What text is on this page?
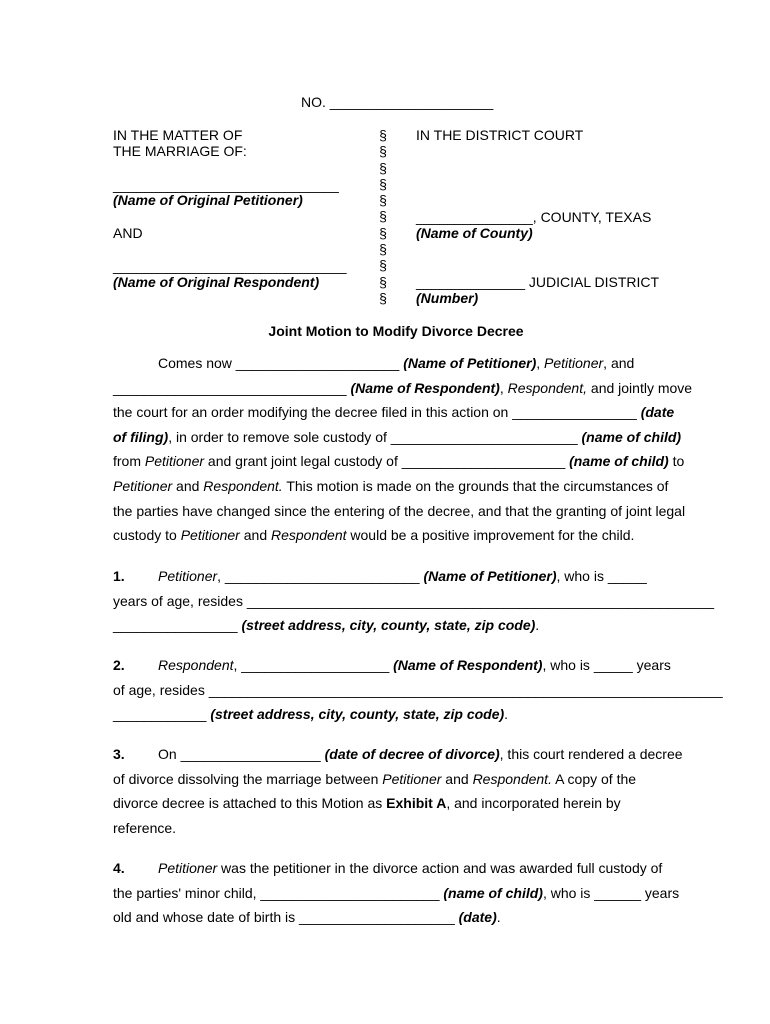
NO. _____________________
IN THE MATTER OF
THE MARRIAGE OF:
_____________________________
(Name of Original Petitioner)
AND
______________________________
(Name of Original Respondent)
§
§
§
§
§
§
§
§
§
§
§
IN THE DISTRICT COURT
_______________, COUNTY, TEXAS
(Name of County)
______________ JUDICIAL DISTRICT
(Number)
Joint Motion to Modify Divorce Decree
Comes now _____________________ (Name of Petitioner), Petitioner, and
______________________________ (Name of Respondent), Respondent, and jointly move
the court for an order modifying the decree filed in this action on ________________ (date
of filing), in order to remove sole custody of ________________________ (name of child)
from Petitioner and grant joint legal custody of _____________________ (name of child) to
Petitioner and Respondent. This motion is made on the grounds that the circumstances of
the parties have changed since the entering of the decree, and that the granting of joint legal
custody to Petitioner and Respondent would be a positive improvement for the child.
1. Petitioner, _________________________ (Name of Petitioner), who is _____
years of age, resides ____________________________________________________________
________________ (street address, city, county, state, zip code).
2. Respondent, ___________________ (Name of Respondent), who is _____ years
of age, resides __________________________________________________________________
____________ (street address, city, county, state, zip code).
3. On __________________ (date of decree of divorce), this court rendered a decree
of divorce dissolving the marriage between Petitioner and Respondent. A copy of the
divorce decree is attached to this Motion as Exhibit A, and incorporated herein by
reference.
4. Petitioner was the petitioner in the divorce action and was awarded full custody of
the parties' minor child, _______________________ (name of child), who is ______ years
old and whose date of birth is ____________________ (date).
